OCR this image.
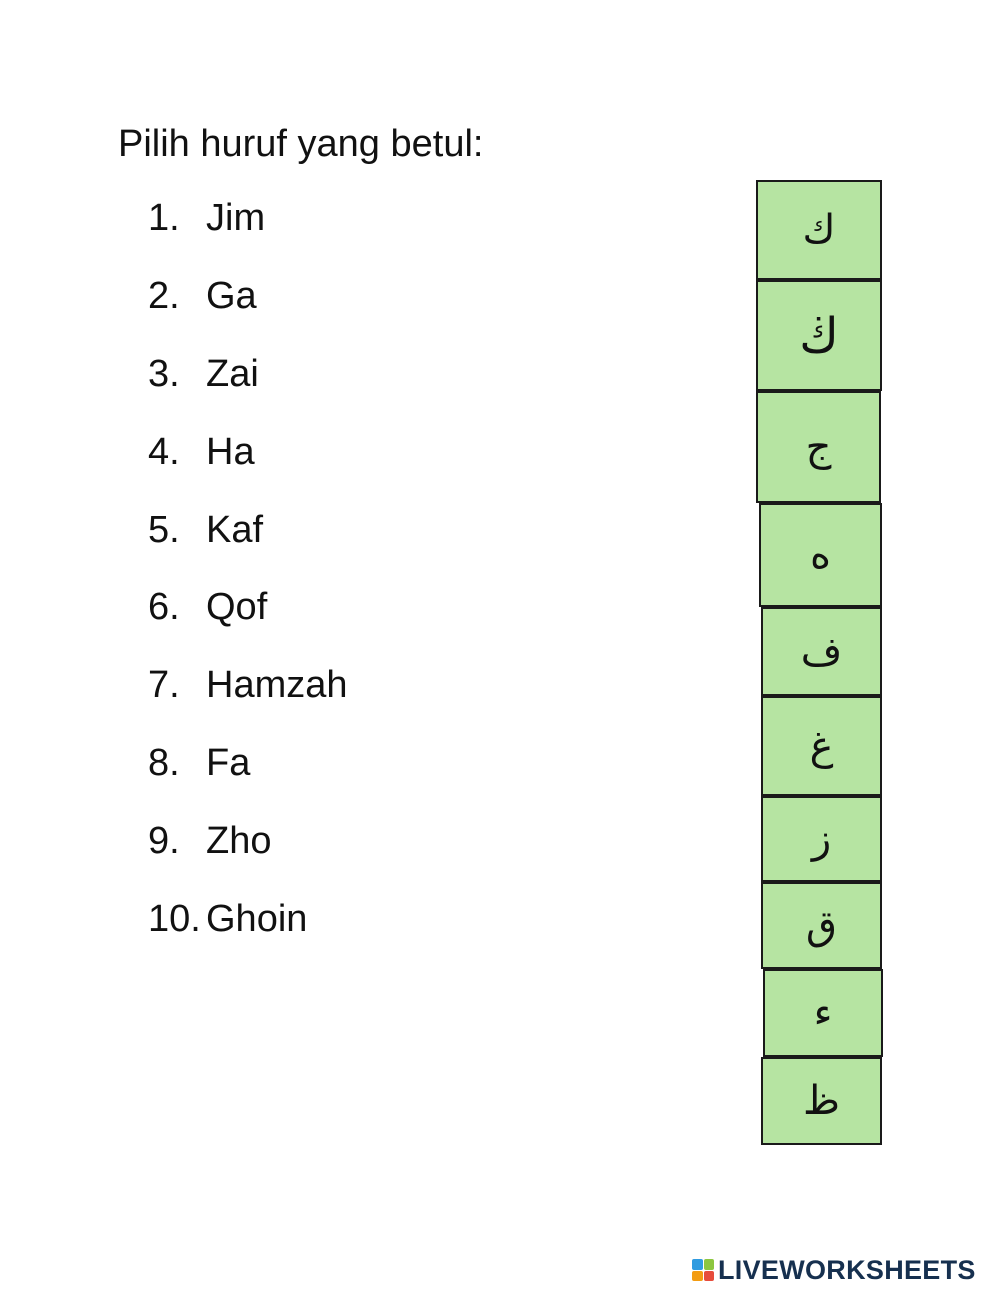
Pilih huruf yang betul:
1. Jim
2. Ga
3. Zai
4. Ha
5. Kaf
6. Qof
7. Hamzah
8. Fa
9. Zho
10. Ghoin
ك
ڬ
ج
ه
ف
غ
ز
ق
ء
ظ
LIVEWORKSHEETS
